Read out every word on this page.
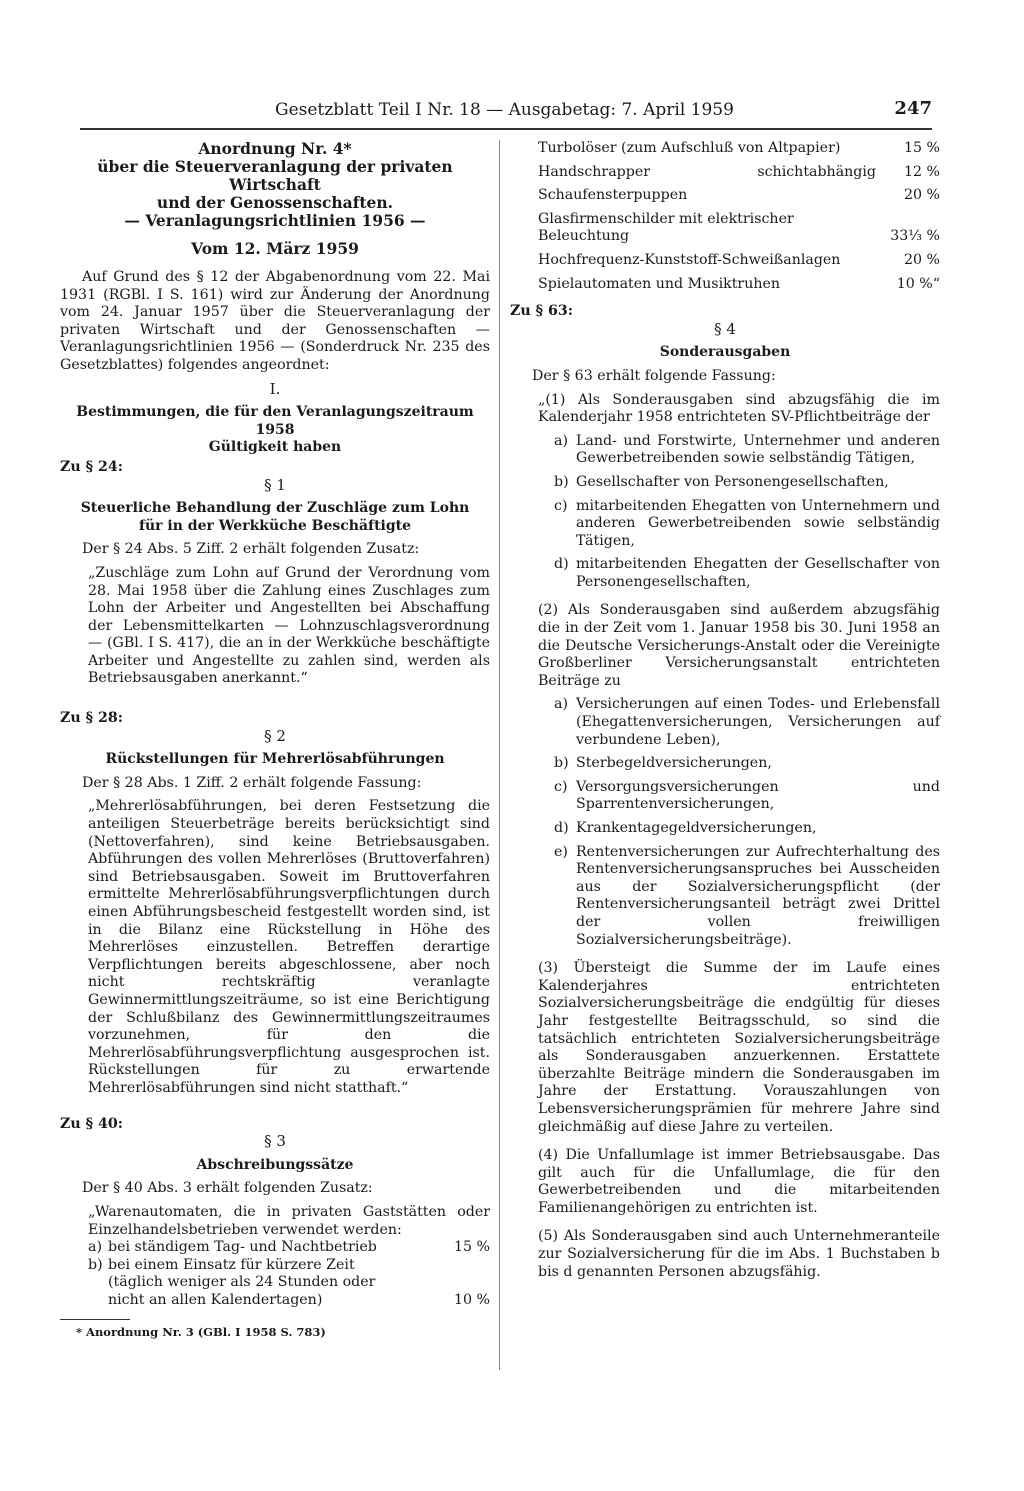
Gesetzblatt Teil I Nr. 18 — Ausgabetag: 7. April 1959	247
Anordnung Nr. 4*
über die Steuerveranlagung der privaten Wirtschaft
und der Genossenschaften.
— Veranlagungsrichtlinien 1956 —
Vom 12. März 1959

Auf Grund des § 12 der Abgabenordnung vom 22. Mai 1931 (RGBl. I S. 161) wird zur Änderung der Anordnung vom 24. Januar 1957 über die Steuerveranlagung der privaten Wirtschaft und der Genossenschaften — Veranlagungsrichtlinien 1956 — (Sonderdruck Nr. 235 des Gesetzblattes) folgendes angeordnet:

I.
Bestimmungen, die für den Veranlagungszeitraum 1958
Gültigkeit haben
Zu § 24:
§ 1
Steuerliche Behandlung der Zuschläge zum Lohn
für in der Werkküche Beschäftigte

Der § 24 Abs. 5 Ziff. 2 erhält folgenden Zusatz:

„Zuschläge zum Lohn auf Grund der Verordnung vom 28. Mai 1958 über die Zahlung eines Zuschlages zum Lohn der Arbeiter und Angestellten bei Abschaffung der Lebensmittelkarten — Lohnzuschlagsverordnung — (GBl. I S. 417), die an in der Werkküche beschäftigte Arbeiter und Angestellte zu zahlen sind, werden als Betriebsausgaben anerkannt.“

Zu § 28:
§ 2
Rückstellungen für Mehrerlösabführungen

Der § 28 Abs. 1 Ziff. 2 erhält folgende Fassung:

„Mehrerlösabführungen, bei deren Festsetzung die anteiligen Steuerbeträge bereits berücksichtigt sind (Nettoverfahren), sind keine Betriebsausgaben. Abführungen des vollen Mehrerlöses (Bruttoverfahren) sind Betriebsausgaben. Soweit im Bruttoverfahren ermittelte Mehrerlösabführungsverpflichtungen durch einen Abführungsbescheid festgestellt worden sind, ist in die Bilanz eine Rückstellung in Höhe des Mehrerlöses einzustellen. Betreffen derartige Verpflichtungen bereits abgeschlossene, aber noch nicht rechtskräftig veranlagte Gewinnermittlungszeiträume, so ist eine Berichtigung der Schlußbilanz des Gewinnermittlungszeitraumes vorzunehmen, für den die Mehrerlösabführungsverpflichtung ausgesprochen ist. Rückstellungen für zu erwartende Mehrerlösabführungen sind nicht statthaft.“

Zu § 40:
§ 3
Abschreibungssätze

Der § 40 Abs. 3 erhält folgenden Zusatz:

„Warenautomaten, die in privaten Gaststätten oder Einzelhandelsbetrieben verwendet werden:

a) bei ständigem Tag- und Nachtbetrieb	15 %
b) bei einem Einsatz für kürzere Zeit (täglich weniger als 24 Stunden oder nicht an allen Kalendertagen)	10 %
* Anordnung Nr. 3 (GBl. I 1958 S. 783)
Turbolöser (zum Aufschluß von Altpapier)	15 %
Handschrapper	schichtabhängig	12 %
Schaufensterpuppen	20 %
Glasfirmenschilder mit elektrischer Beleuchtung	33⅓ %
Hochfrequenz-Kunststoff-Schweißanlagen	20 %
Spielautomaten und Musiktruhen	10 %“
Zu § 63:
§ 4
Sonderausgaben

Der § 63 erhält folgende Fassung:

„(1) Als Sonderausgaben sind abzugsfähig die im Kalenderjahr 1958 entrichteten SV-Pflichtbeiträge der

a) Land- und Forstwirte, Unternehmer und anderen Gewerbetreibenden sowie selbständig Tätigen,
b) Gesellschafter von Personengesellschaften,
c) mitarbeitenden Ehegatten von Unternehmern und anderen Gewerbetreibenden sowie selbständig Tätigen,
d) mitarbeitenden Ehegatten der Gesellschafter von Personengesellschaften,

(2) Als Sonderausgaben sind außerdem abzugsfähig die in der Zeit vom 1. Januar 1958 bis 30. Juni 1958 an die Deutsche Versicherungs-Anstalt oder die Vereinigte Großberliner Versicherungsanstalt entrichteten Beiträge zu

a) Versicherungen auf einen Todes- und Erlebensfall (Ehegattenversicherungen, Versicherungen auf verbundene Leben),
b) Sterbegeldversicherungen,
c) Versorgungsversicherungen und Sparrentenversicherungen,
d) Krankentagegeldversicherungen,
e) Rentenversicherungen zur Aufrechterhaltung des Rentenversicherungsanspruches bei Ausscheiden aus der Sozialversicherungspflicht (der Rentenversicherungsanteil beträgt zwei Drittel der vollen freiwilligen Sozialversicherungsbeiträge).

(3) Übersteigt die Summe der im Laufe eines Kalenderjahres entrichteten Sozialversicherungsbeiträge die endgültig für dieses Jahr festgestellte Beitragsschuld, so sind die tatsächlich entrichteten Sozialversicherungsbeiträge als Sonderausgaben anzuerkennen. Erstattete überzahlte Beiträge mindern die Sonderausgaben im Jahre der Erstattung. Vorauszahlungen von Lebensversicherungsprämien für mehrere Jahre sind gleichmäßig auf diese Jahre zu verteilen.

(4) Die Unfallumlage ist immer Betriebsausgabe. Das gilt auch für die Unfallumlage, die für den Gewerbetreibenden und die mitarbeitenden Familienangehörigen zu entrichten ist.

(5) Als Sonderausgaben sind auch Unternehmeranteile zur Sozialversicherung für die im Abs. 1 Buchstaben b bis d genannten Personen abzugsfähig.
